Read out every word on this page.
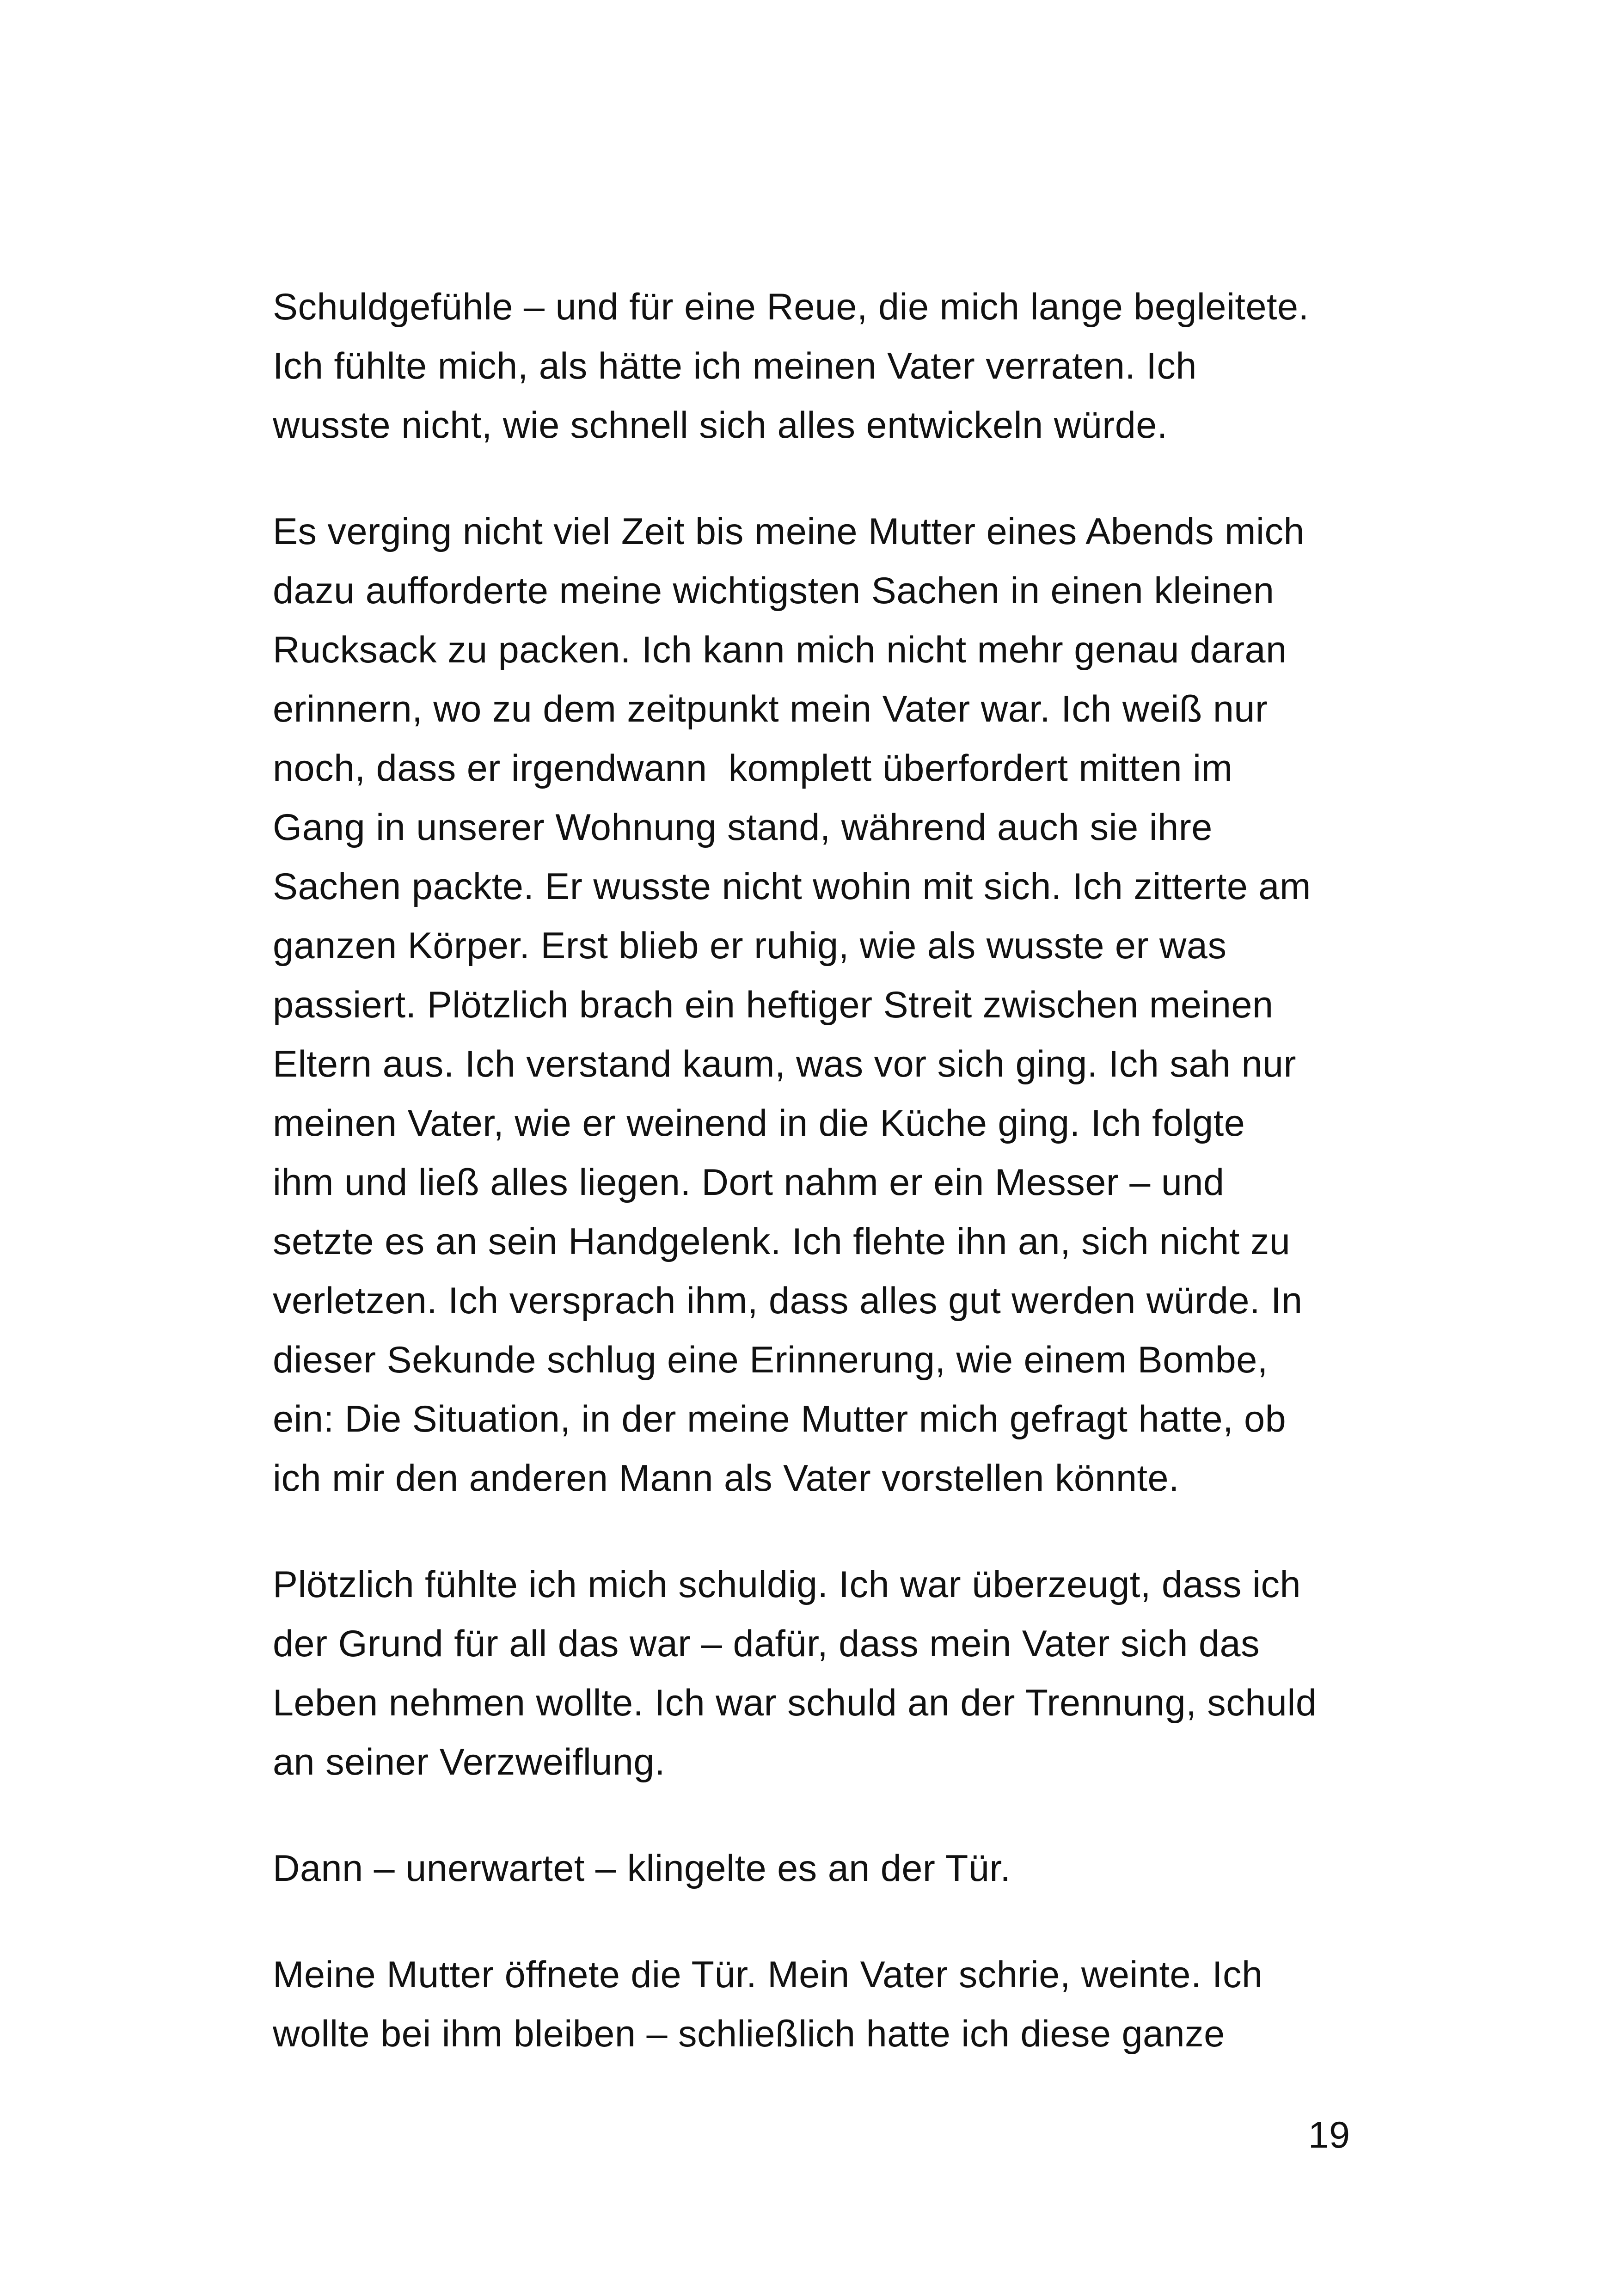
Schuldgefühle – und für eine Reue, die mich lange begleitete.
Ich fühlte mich, als hätte ich meinen Vater verraten. Ich
wusste nicht, wie schnell sich alles entwickeln würde.
Es verging nicht viel Zeit bis meine Mutter eines Abends mich
dazu aufforderte meine wichtigsten Sachen in einen kleinen
Rucksack zu packen. Ich kann mich nicht mehr genau daran
erinnern, wo zu dem zeitpunkt mein Vater war. Ich weiß nur
noch, dass er irgendwann  komplett überfordert mitten im
Gang in unserer Wohnung stand, während auch sie ihre
Sachen packte. Er wusste nicht wohin mit sich. Ich zitterte am
ganzen Körper. Erst blieb er ruhig, wie als wusste er was
passiert. Plötzlich brach ein heftiger Streit zwischen meinen
Eltern aus. Ich verstand kaum, was vor sich ging. Ich sah nur
meinen Vater, wie er weinend in die Küche ging. Ich folgte
ihm und ließ alles liegen. Dort nahm er ein Messer – und
setzte es an sein Handgelenk. Ich flehte ihn an, sich nicht zu
verletzen. Ich versprach ihm, dass alles gut werden würde. In
dieser Sekunde schlug eine Erinnerung, wie einem Bombe,
ein: Die Situation, in der meine Mutter mich gefragt hatte, ob
ich mir den anderen Mann als Vater vorstellen könnte.
Plötzlich fühlte ich mich schuldig. Ich war überzeugt, dass ich
der Grund für all das war – dafür, dass mein Vater sich das
Leben nehmen wollte. Ich war schuld an der Trennung, schuld
an seiner Verzweiflung.
Dann – unerwartet – klingelte es an der Tür.
Meine Mutter öffnete die Tür. Mein Vater schrie, weinte. Ich
wollte bei ihm bleiben – schließlich hatte ich diese ganze
19
